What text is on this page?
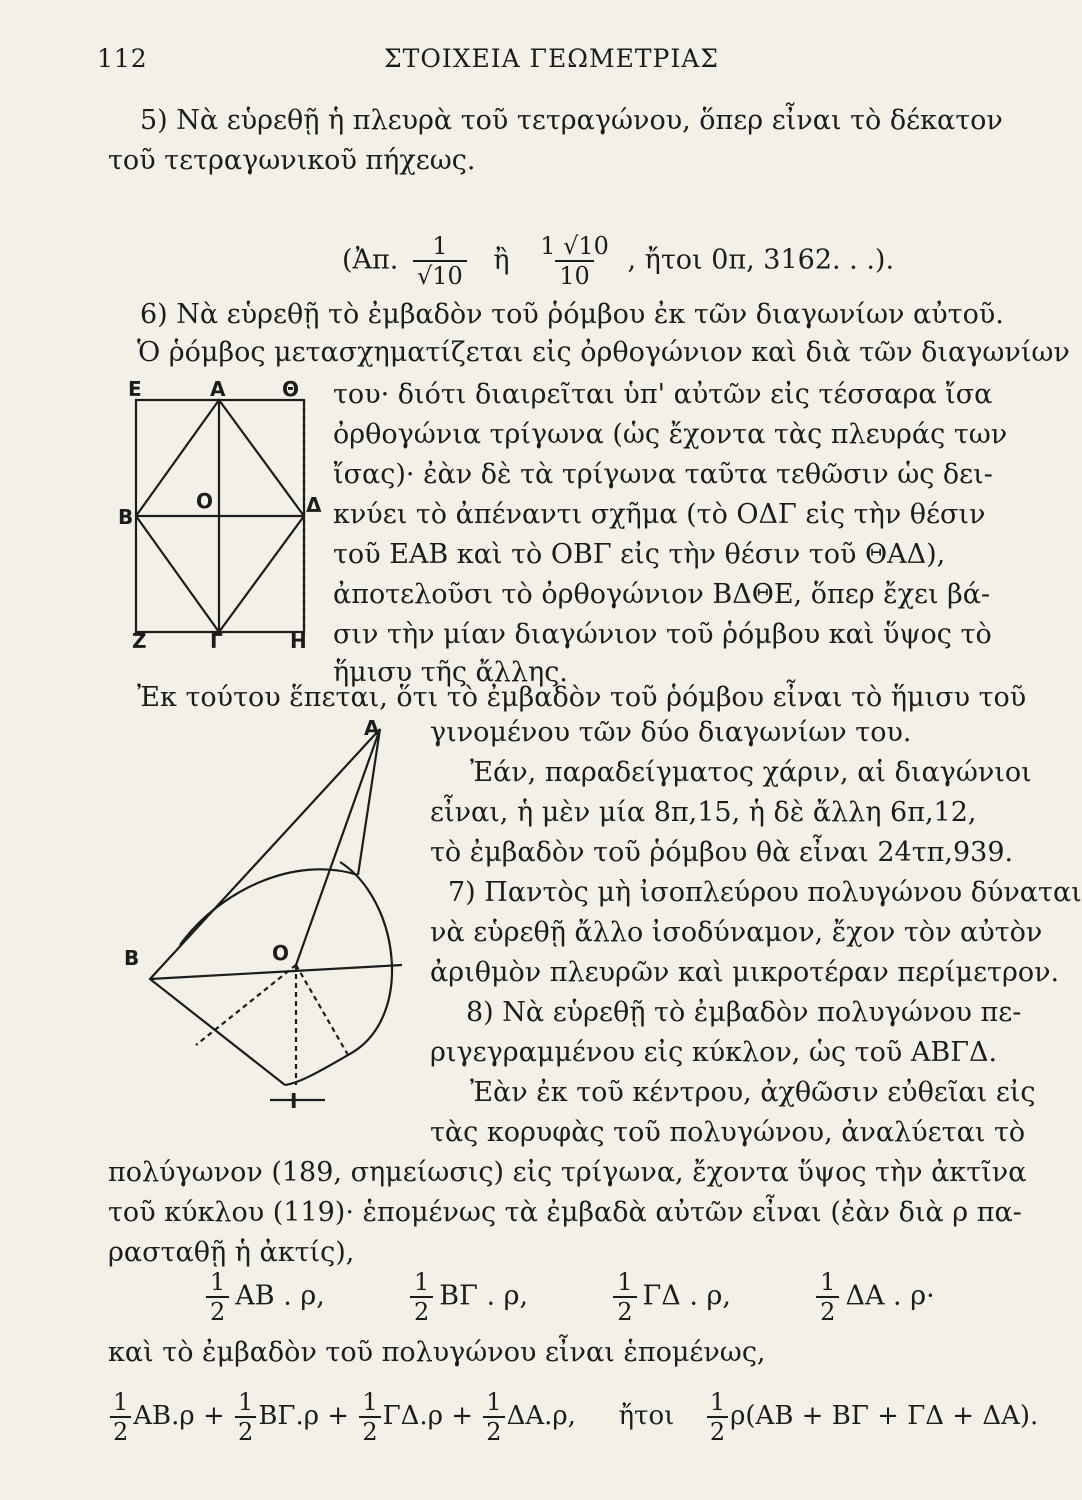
112	ΣΤΟΙΧΕΙΑ ΓΕΩΜΕΤΡΙΑΣ
5) Νὰ εὑρεθῇ ἡ πλευρὰ τοῦ τετραγώνου, ὅπερ εἶναι τὸ δέκατον
τοῦ τετραγωνικοῦ πήχεως.
(Ἀπ. $\frac{1}{√10}$ ἢ $\frac{1 √10}{10}$ , ἤτοι 0π, 3162. . .).
6) Νὰ εὑρεθῇ τὸ ἐμβαδὸν τοῦ ῥόμβου ἐκ τῶν διαγωνίων αὐτοῦ.
Ὁ ῥόμβος μετασχηματίζεται εἰς ὀρθογώνιον καὶ διὰ τῶν διαγωνίων
του· διότι διαιρεῖται ὑπ' αὐτῶν εἰς τέσσαρα ἴσα
ὀρθογώνια τρίγωνα (ὡς ἔχοντα τὰς πλευράς των
ἴσας)· ἐὰν δὲ τὰ τρίγωνα ταῦτα τεθῶσιν ὡς δει-
κνύει τὸ ἀπέναντι σχῆμα (τὸ ΟΔΓ εἰς τὴν θέσιν
τοῦ ΕΑΒ καὶ τὸ ΟΒΓ εἰς τὴν θέσιν τοῦ ΘΑΔ),
ἀποτελοῦσι τὸ ὀρθογώνιον ΒΔΘΕ, ὅπερ ἔχει βά-
σιν τὴν μίαν διαγώνιον τοῦ ῥόμβου καὶ ὕψος τὸ
ἥμισυ τῆς ἄλλης.
Ἐκ τούτου ἕπεται, ὅτι τὸ ἐμβαδὸν τοῦ ῥόμβου εἶναι τὸ ἥμισυ τοῦ
γινομένου τῶν δύο διαγωνίων του.
Ἐάν, παραδείγματος χάριν, αἱ διαγώνιοι
εἶναι, ἡ μὲν μία 8π,15, ἡ δὲ ἄλλη 6π,12,
τὸ ἐμβαδὸν τοῦ ῥόμβου θὰ εἶναι 24τπ,939.
7) Παντὸς μὴ ἰσοπλεύρου πολυγώνου δύναται
νὰ εὑρεθῇ ἄλλο ἰσοδύναμον, ἔχον τὸν αὐτὸν
ἀριθμὸν πλευρῶν καὶ μικροτέραν περίμετρον.
8) Νὰ εὑρεθῇ τὸ ἐμβαδὸν πολυγώνου πε-
ριγεγραμμένου εἰς κύκλον, ὡς τοῦ ΑΒΓΔ.
Ἐὰν ἐκ τοῦ κέντρου, ἀχθῶσιν εὐθεῖαι εἰς
τὰς κορυφὰς τοῦ πολυγώνου, ἀναλύεται τὸ
πολύγωνον (189, σημείωσις) εἰς τρίγωνα, ἔχοντα ὕψος τὴν ἀκτῖνα
τοῦ κύκλου (119)· ἑπομένως τὰ ἐμβαδὰ αὐτῶν εἶναι (ἐὰν διὰ ρ πα-
ρασταθῇ ἡ ἀκτίς),
$\frac{1}{2}$ ΑΒ . ρ,	$\frac{1}{2}$ ΒΓ . ρ,	$\frac{1}{2}$ ΓΔ . ρ,	$\frac{1}{2}$ ΔΑ . ρ·
καὶ τὸ ἐμβαδὸν τοῦ πολυγώνου εἶναι ἑπομένως,
$\frac{1}{2} AB.\rho + \frac{1}{2} B\Gamma.\rho + \frac{1}{2} \Gamma\Delta.\rho + \frac{1}{2} \Delta A.\rho$, ἤτοι $\frac{1}{2} \rho(AB + B\Gamma + \Gamma\Delta + \Delta A)$.
Ε	Α	Θ
Β
Ο	Δ
Ζ	Γ	Η
Α
Β	Ο
Ι
